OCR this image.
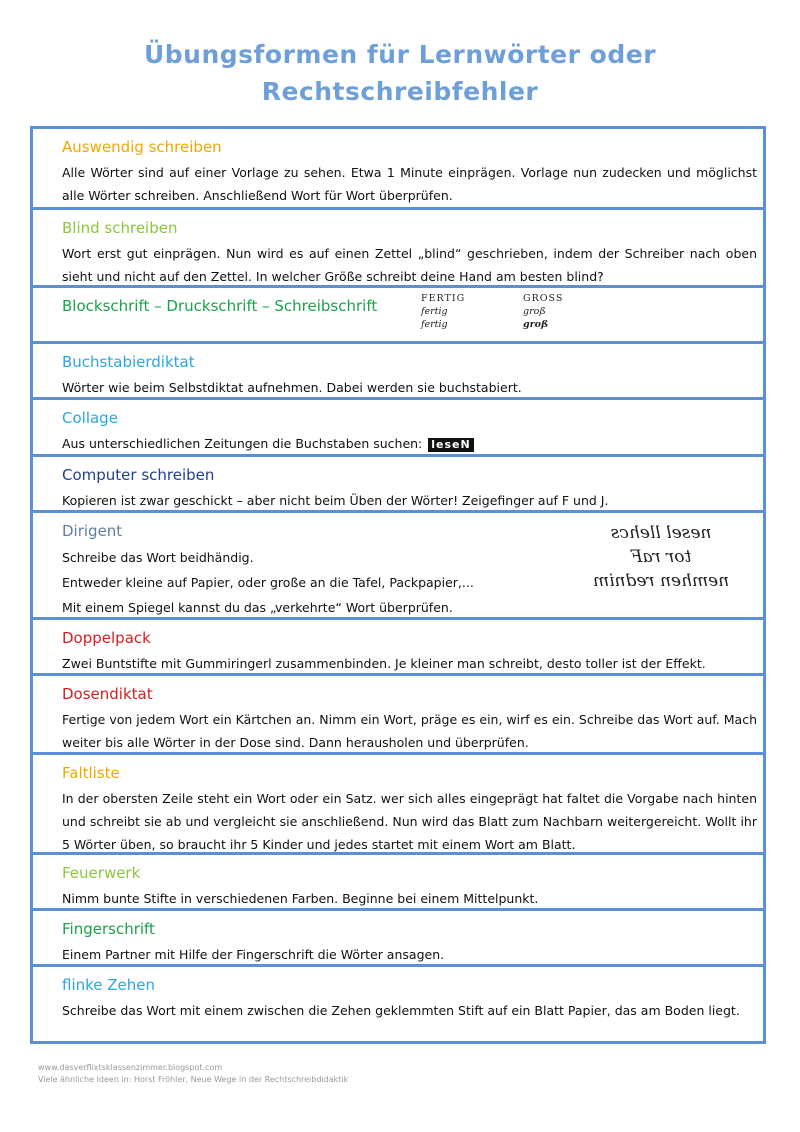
Übungsformen für Lernwörter oder
Rechtschreibfehler
Auswendig schreiben
Alle Wörter sind auf einer Vorlage zu sehen. Etwa 1 Minute einprägen. Vorlage nun zudecken und möglichst alle Wörter schreiben. Anschließend Wort für Wort überprüfen.
Blind schreiben
Wort erst gut einprägen. Nun wird es auf einen Zettel „blind“ geschrieben, indem der Schreiber nach oben sieht und nicht auf den Zettel. In welcher Größe schreibt deine Hand am besten blind?
Blockschrift – Druckschrift – Schreibschrift	FERTIG
fertig
fertig
GROSS
groß
groß
Buchstabierdiktat
Wörter wie beim Selbstdiktat aufnehmen. Dabei werden sie buchstabiert.
Collage
Aus unterschiedlichen Zeitungen die Buchstaben suchen: leseN
Computer schreiben
Kopieren ist zwar geschickt – aber nicht beim Üben der Wörter! Zeigefinger auf F und J.
Dirigent
Schreibe das Wort beidhändig.
Entweder kleine auf Papier, oder große an die Tafel, Packpapier,...
Mit einem Spiegel kannst du das „verkehrte“ Wort überprüfen.
nesel llehcs
tor raF
nemhen rednim
Doppelpack
Zwei Buntstifte mit Gummiringerl zusammenbinden. Je kleiner man schreibt, desto toller ist der Effekt.
Dosendiktat
Fertige von jedem Wort ein Kärtchen an. Nimm ein Wort, präge es ein, wirf es ein. Schreibe das Wort auf. Mach weiter bis alle Wörter in der Dose sind. Dann herausholen und überprüfen.
Faltliste
In der obersten Zeile steht ein Wort oder ein Satz. wer sich alles eingeprägt hat faltet die Vorgabe nach hinten und schreibt sie ab und vergleicht sie anschließend. Nun wird das Blatt zum Nachbarn weitergereicht. Wollt ihr 5 Wörter üben, so braucht ihr 5 Kinder und jedes startet mit einem Wort am Blatt.
Feuerwerk
Nimm bunte Stifte in verschiedenen Farben. Beginne bei einem Mittelpunkt.
Fingerschrift
Einem Partner mit Hilfe der Fingerschrift die Wörter ansagen.
flinke Zehen
Schreibe das Wort mit einem zwischen die Zehen geklemmten Stift auf ein Blatt Papier, das am Boden liegt.
www.dasverflixtsklassenzimmer.blogspot.com
Viele ähnliche Ideen in: Horst Fröhler, Neue Wege in der Rechtschreibdidaktik
